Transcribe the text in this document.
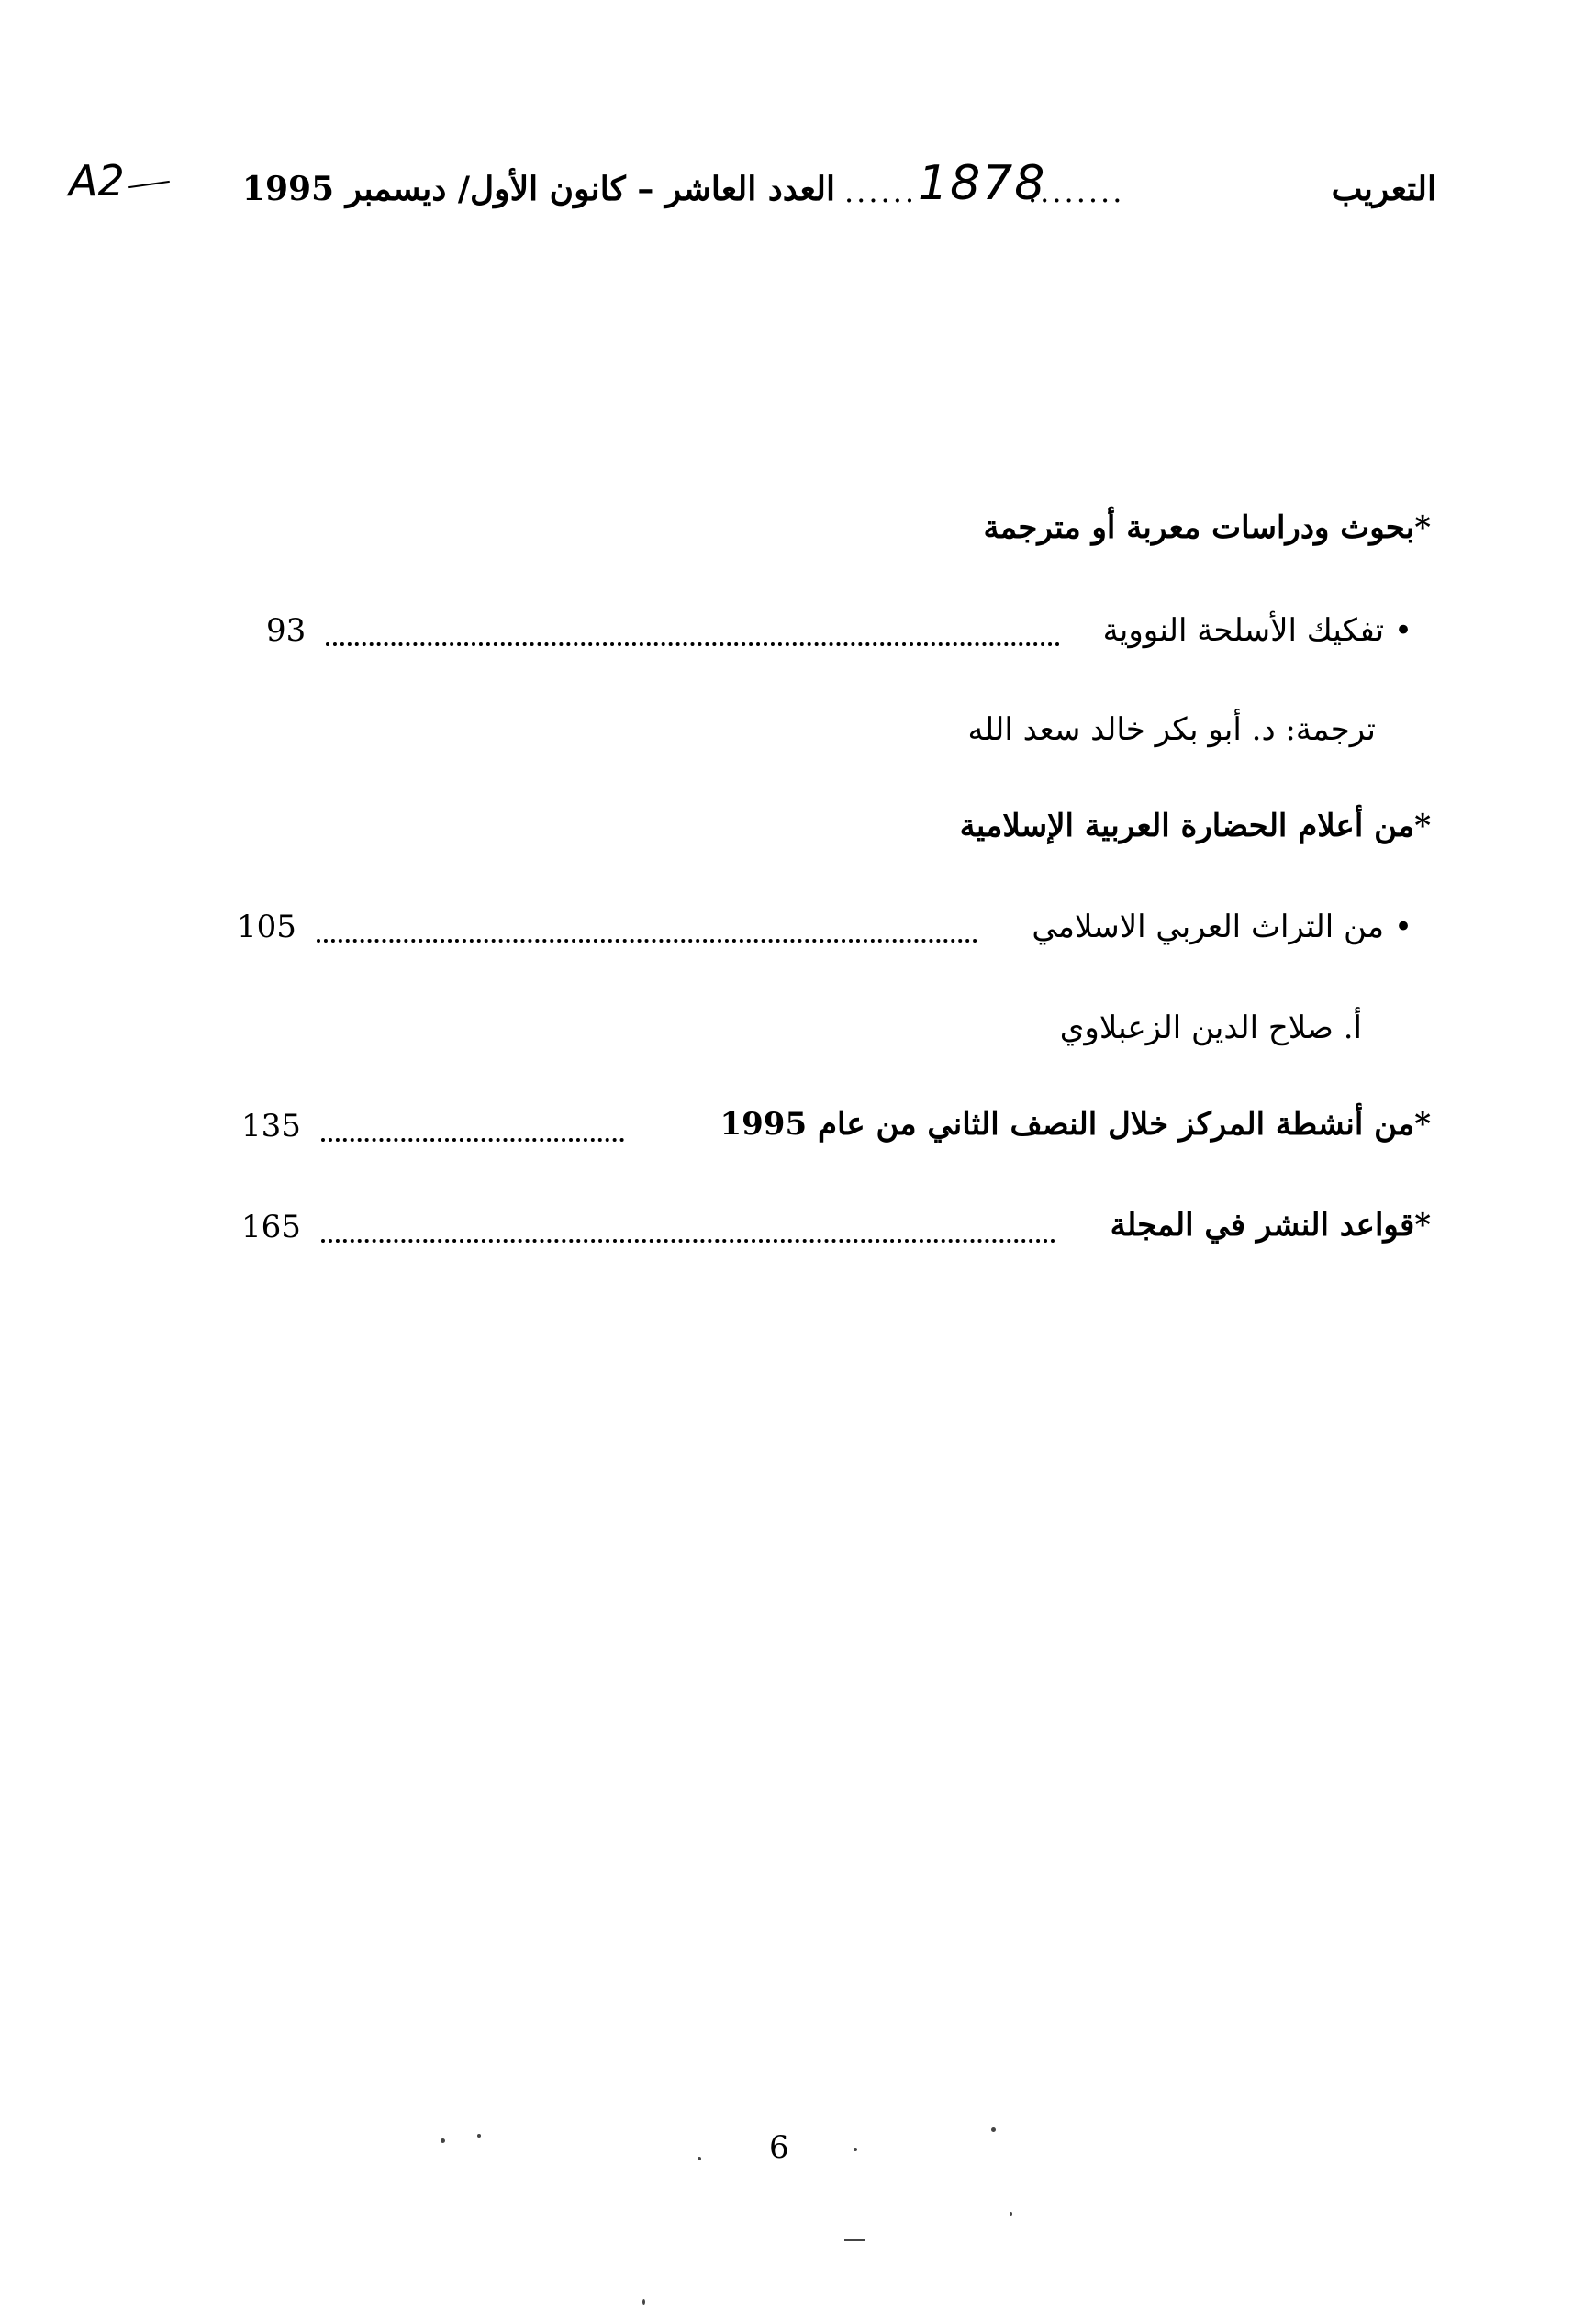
التعريب
........
1878
......
العدد العاشر – كانون الأول/ ديسمبر 1995
A2
*بحوث ودراسات معربة أو مترجمة
• تفكيك الأسلحة النووية
93
ترجمة: د. أبو بكر خالد سعد الله
*من أعلام الحضارة العربية الإسلامية
• من التراث العربي الاسلامي
105
أ. صلاح الدين الزعبلاوي
*من أنشطة المركز خلال النصف الثاني من عام 1995
135
*قواعد النشر في المجلة
165
6
